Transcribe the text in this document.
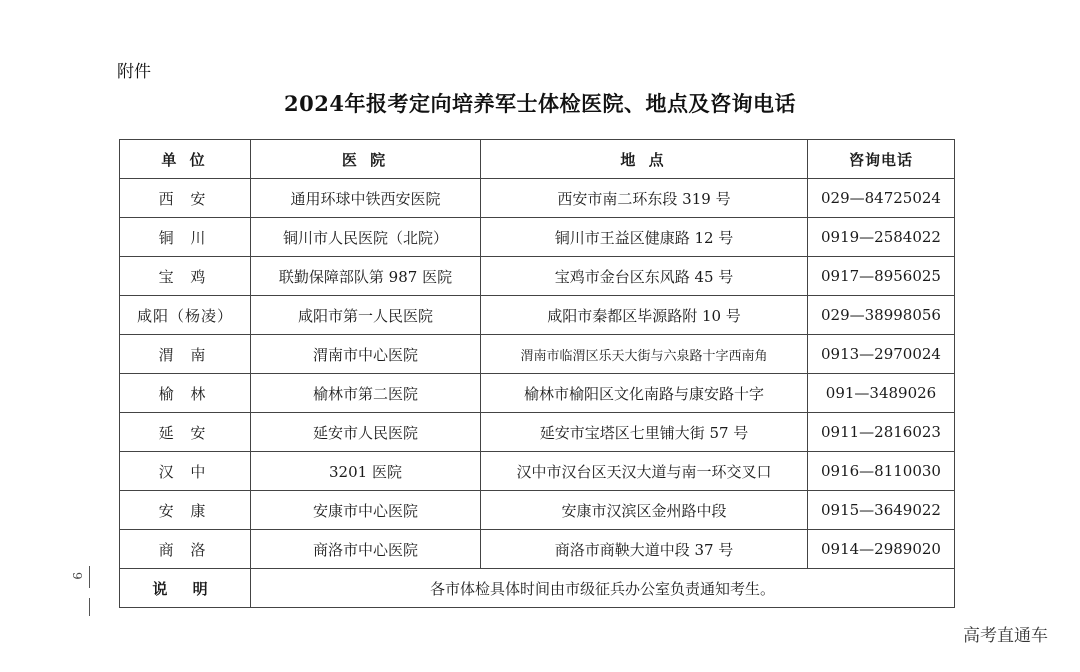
附件
2024年报考定向培养军士体检医院、地点及咨询电话
单 位	医 院	地 点	咨询电话
西 安	通用环球中铁西安医院	西安市南二环东段 319 号	029—84725024
铜 川	铜川市人民医院（北院）	铜川市王益区健康路 12 号	0919—2584022
宝 鸡	联勤保障部队第 987 医院	宝鸡市金台区东风路 45 号	0917—8956025
咸阳（杨凌）	咸阳市第一人民医院	咸阳市秦都区毕源路附 10 号	029—38998056
渭 南	渭南市中心医院	渭南市临渭区乐天大街与六泉路十字西南角	0913—2970024
榆 林	榆林市第二医院	榆林市榆阳区文化南路与康安路十字	091—3489026
延 安	延安市人民医院	延安市宝塔区七里铺大街 57 号	0911—2816023
汉 中	3201 医院	汉中市汉台区天汉大道与南一环交叉口	0916—8110030
安 康	安康市中心医院	安康市汉滨区金州路中段	0915—3649022
商 洛	商洛市中心医院	商洛市商鞅大道中段 37 号	0914—2989020
说 明	各市体检具体时间由市级征兵办公室负责通知考生。		
9
高考直通车
